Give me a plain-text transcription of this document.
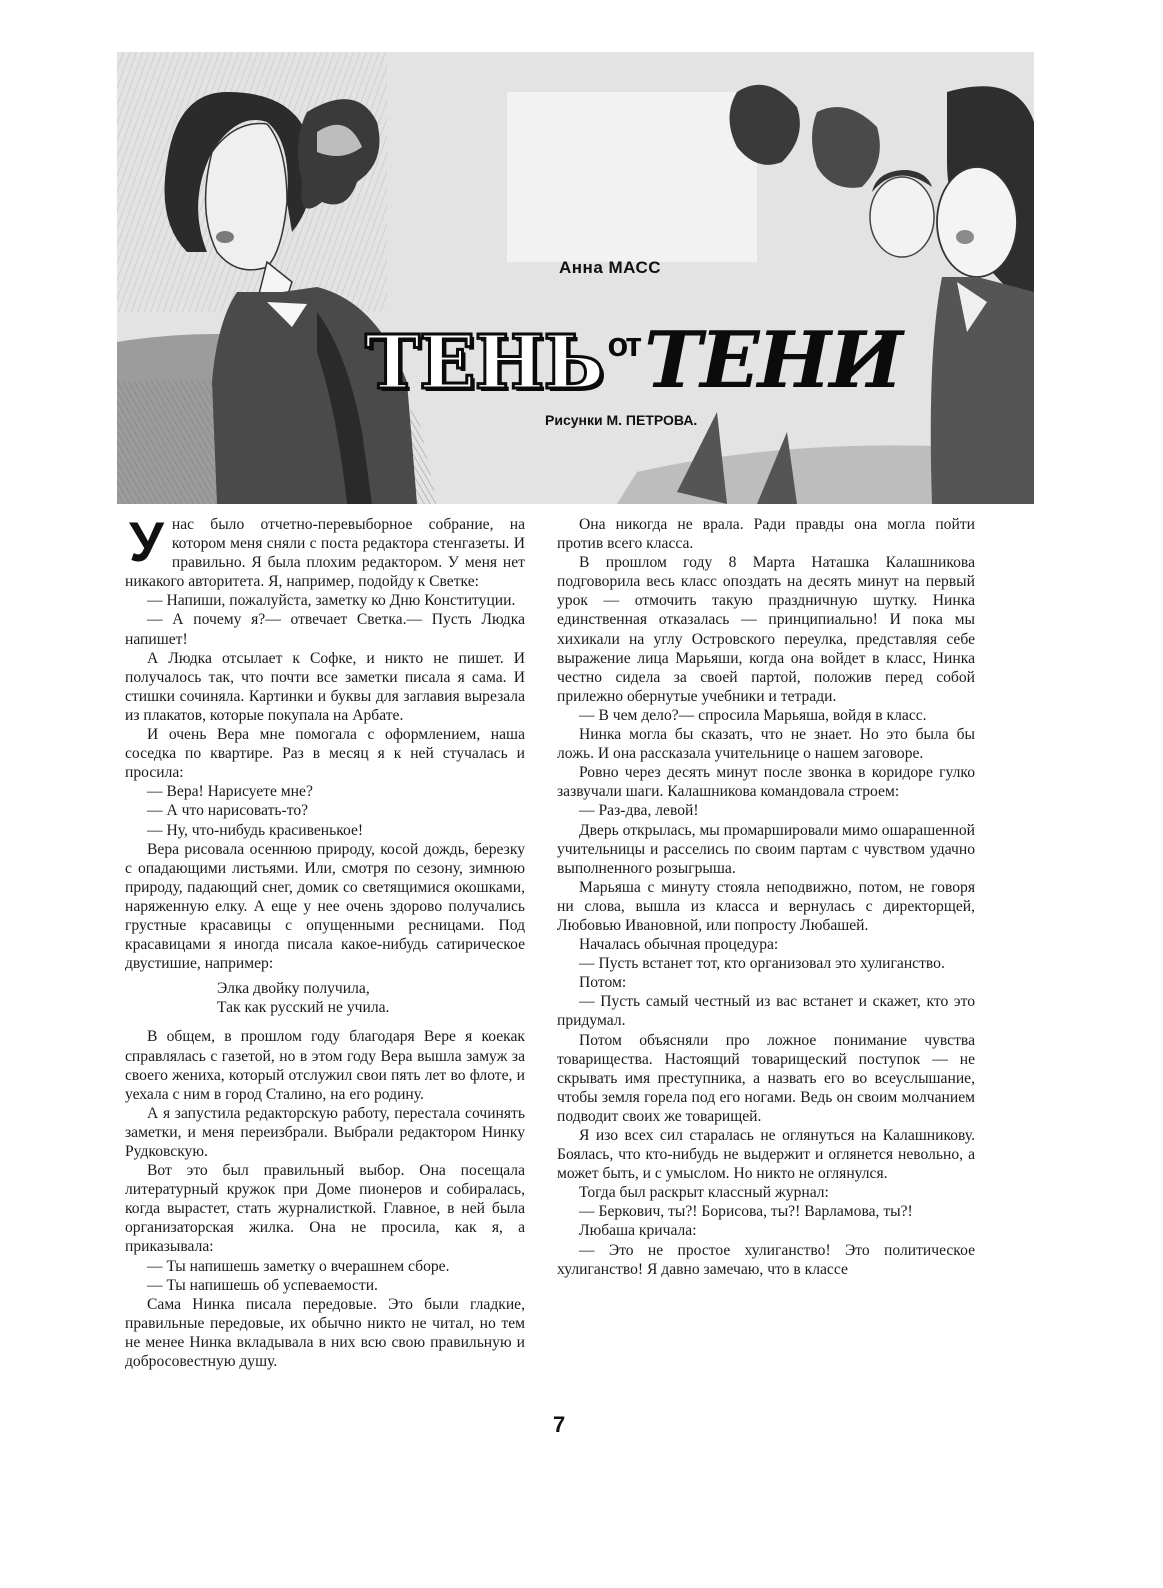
Анна МАСС
ТЕНЬ от ТЕНИ
Рисунки М. ПЕТРОВА.

Унас было отчетно-перевыборное собрание, на котором меня сняли с поста редактора стенгазеты. И правильно. Я была плохим редактором. У меня нет никакого авторитета. Я, например, подойду к Светке:

— Напиши, пожалуйста, заметку ко Дню Конституции.

— А почему я?— отвечает Светка.— Пусть Людка напишет!

А Людка отсылает к Софке, и никто не пишет. И получалось так, что почти все заметки писала я сама. И стишки сочиняла. Картинки и буквы для заглавия вырезала из плакатов, которые покупала на Арбате.

И очень Вера мне помогала с оформлением, наша соседка по квартире. Раз в месяц я к ней стучалась и просила:

— Вера! Нарисуете мне?

— А что нарисовать-то?

— Ну, что-нибудь красивенькое!

Вера рисовала осеннюю природу, косой дождь, березку с опадающими листьями. Или, смотря по сезону, зимнюю природу, падающий снег, домик со светящимися окошками, наряженную елку. А еще у нее очень здорово получались грустные красавицы с опущенными ресницами. Под красавицами я иногда писала какое-нибудь сатирическое двустишие, например:

Элка двойку получила,
Так как русский не учила.

В общем, в прошлом году благодаря Вере я коекак справлялась с газетой, но в этом году Вера вышла замуж за своего жениха, который отслужил свои пять лет во флоте, и уехала с ним в город Сталино, на его родину.

А я запустила редакторскую работу, перестала сочинять заметки, и меня переизбрали. Выбрали редактором Нинку Рудковскую.

Вот это был правильный выбор. Она посещала литературный кружок при Доме пионеров и собиралась, когда вырастет, стать журналисткой. Главное, в ней была организаторская жилка. Она не просила, как я, а приказывала:

— Ты напишешь заметку о вчерашнем сборе.

— Ты напишешь об успеваемости.

Сама Нинка писала передовые. Это были гладкие, правильные передовые, их обычно никто не читал, но тем не менее Нинка вкладывала в них всю свою правильную и добросовестную душу.

Она никогда не врала. Ради правды она могла пойти против всего класса.

В прошлом году 8 Марта Наташка Калашникова подговорила весь класс опоздать на десять минут на первый урок — отмочить такую праздничную шутку. Нинка единственная отказалась — принципиально! И пока мы хихикали на углу Островского переулка, представляя себе выражение лица Марьяши, когда она войдет в класс, Нинка честно сидела за своей партой, положив перед собой прилежно обернутые учебники и тетради.

— В чем дело?— спросила Марьяша, войдя в класс.

Нинка могла бы сказать, что не знает. Но это была бы ложь. И она рассказала учительнице о нашем заговоре.

Ровно через десять минут после звонка в коридоре гулко зазвучали шаги. Калашникова командовала строем:

— Раз-два, левой!

Дверь открылась, мы промаршировали мимо ошарашенной учительницы и расселись по своим партам с чувством удачно выполненного розыгрыша.

Марьяша с минуту стояла неподвижно, потом, не говоря ни слова, вышла из класса и вернулась с директорщей, Любовью Ивановной, или попросту Любашей.

Началась обычная процедура:

— Пусть встанет тот, кто организовал это хулиганство.

Потом:

— Пусть самый честный из вас встанет и скажет, кто это придумал.

Потом объясняли про ложное понимание чувства товарищества. Настоящий товарищеский поступок — не скрывать имя преступника, а назвать его во всеуслышание, чтобы земля горела под его ногами. Ведь он своим молчанием подводит своих же товарищей.

Я изо всех сил старалась не оглянуться на Калашникову. Боялась, что кто-нибудь не выдержит и оглянется невольно, а может быть, и с умыслом. Но никто не оглянулся.

Тогда был раскрыт классный журнал:

— Беркович, ты?! Борисова, ты?! Варламова, ты?!

Любаша кричала:

— Это не простое хулиганство! Это политическое хулиганство! Я давно замечаю, что в классе

7
